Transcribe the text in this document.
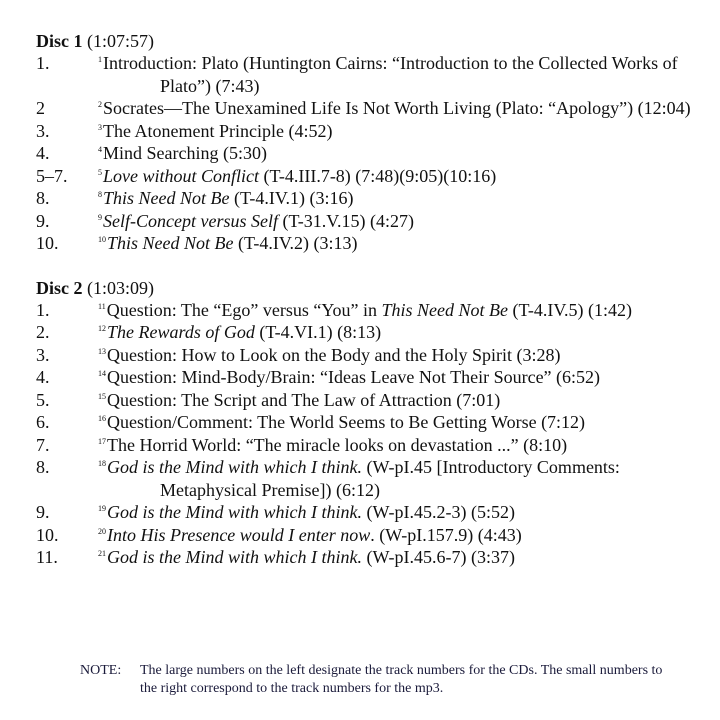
Disc 1 (1:07:57)
1.	$^1$Introduction: Plato (Huntington Cairns: “Introduction to the Collected Works of Plato”) (7:43)
2	$^2$Socrates—The Unexamined Life Is Not Worth Living (Plato: “Apology”) (12:04)
3.	$^3$The Atonement Principle (4:52)
4.	$^4$Mind Searching (5:30)
5–7.	$^5$Love without Conflict (T-4.III.7-8) (7:48)(9:05)(10:16)
8.	$^8$This Need Not Be (T-4.IV.1) (3:16)
9.	$^9$Self-Concept versus Self (T-31.V.15) (4:27)
10.	$^{10}$This Need Not Be (T-4.IV.2) (3:13)
Disc 2 (1:03:09)
1.	$^{11}$Question: The “Ego” versus “You” in This Need Not Be (T-4.IV.5) (1:42)
2.	$^{12}$The Rewards of God (T-4.VI.1) (8:13)
3.	$^{13}$Question: How to Look on the Body and the Holy Spirit (3:28)
4.	$^{14}$Question: Mind-Body/Brain: “Ideas Leave Not Their Source” (6:52)
5.	$^{15}$Question: The Script and The Law of Attraction (7:01)
6.	$^{16}$Question/Comment: The World Seems to Be Getting Worse (7:12)
7.	$^{17}$The Horrid World: “The miracle looks on devastation ...” (8:10)
8.	$^{18}$God is the Mind with which I think. (W-pI.45 [Introductory Comments: Metaphysical Premise]) (6:12)
9.	$^{19}$God is the Mind with which I think. (W-pI.45.2-3) (5:52)
10.	$^{20}$Into His Presence would I enter now. (W-pI.157.9) (4:43)
11.	$^{21}$God is the Mind with which I think. (W-pI.45.6-7) (3:37)
NOTE: The large numbers on the left designate the track numbers for the CDs. The small numbers to the right correspond to the track numbers for the mp3.
